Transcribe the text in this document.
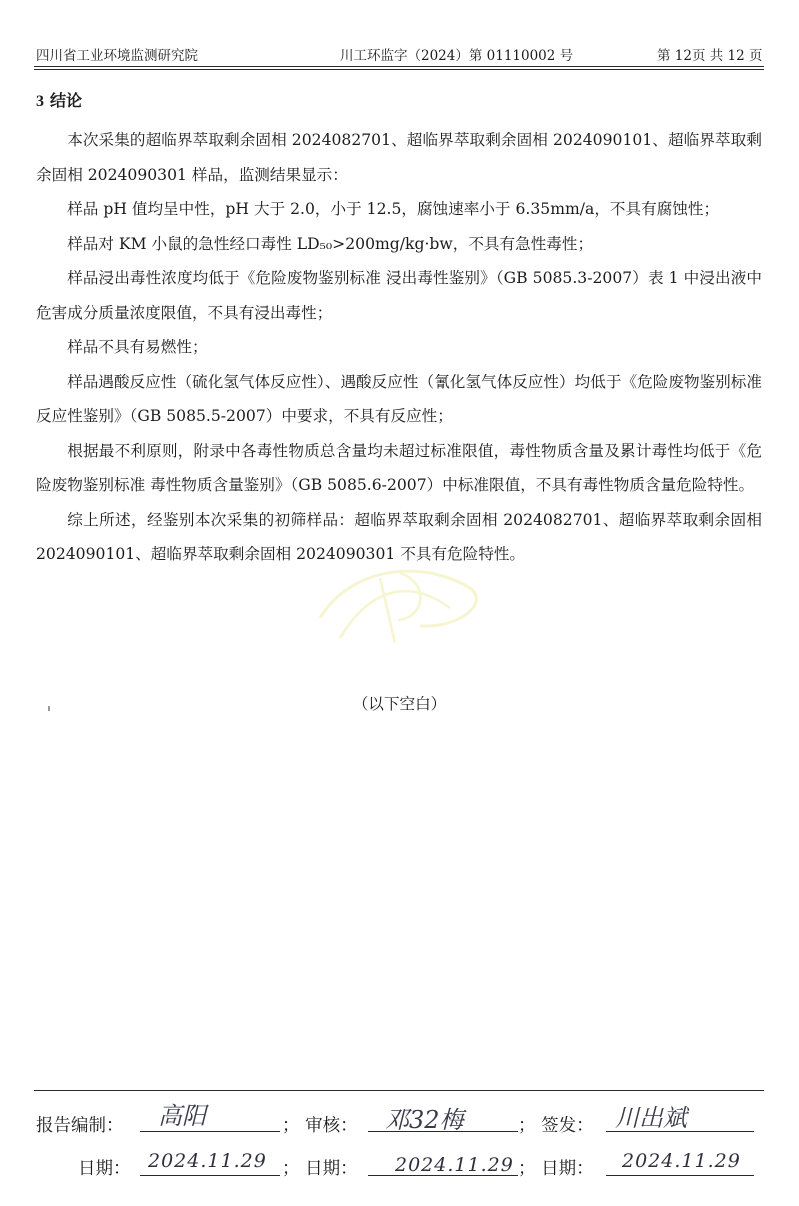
四川省工业环境监测研究院	川工环监字（2024）第 01110002 号	第 12页 共 12 页
3 结论

本次采集的超临界萃取剩余固相 2024082701、超临界萃取剩余固相 2024090101、超临界萃取剩余固相 2024090301 样品，监测结果显示：

样品 pH 值均呈中性，pH 大于 2.0，小于 12.5，腐蚀速率小于 6.35mm/a，不具有腐蚀性；

样品对 KM 小鼠的急性经口毒性 LD₅₀>200mg/kg·bw，不具有急性毒性；

样品浸出毒性浓度均低于《危险废物鉴别标准 浸出毒性鉴别》（GB 5085.3-2007）表 1 中浸出液中危害成分质量浓度限值，不具有浸出毒性；

样品不具有易燃性；

样品遇酸反应性（硫化氢气体反应性）、遇酸反应性（氰化氢气体反应性）均低于《危险废物鉴别标准 反应性鉴别》（GB 5085.5-2007）中要求，不具有反应性；

根据最不利原则，附录中各毒性物质总含量均未超过标准限值，毒性物质含量及累计毒性均低于《危险废物鉴别标准 毒性物质含量鉴别》（GB 5085.6-2007）中标准限值，不具有毒性物质含量危险特性。

综上所述，经鉴别本次采集的初筛样品：超临界萃取剩余固相 2024082701、超临界萃取剩余固相 2024090101、超临界萃取剩余固相 2024090301 不具有危险特性。

（以下空白）
报告编制： 高阳	； 审核： 邓32梅	； 签发： 川出斌
日期： 2024.11.29 ； 日期： 2024.11.29 ； 日期： 2024.11.29
